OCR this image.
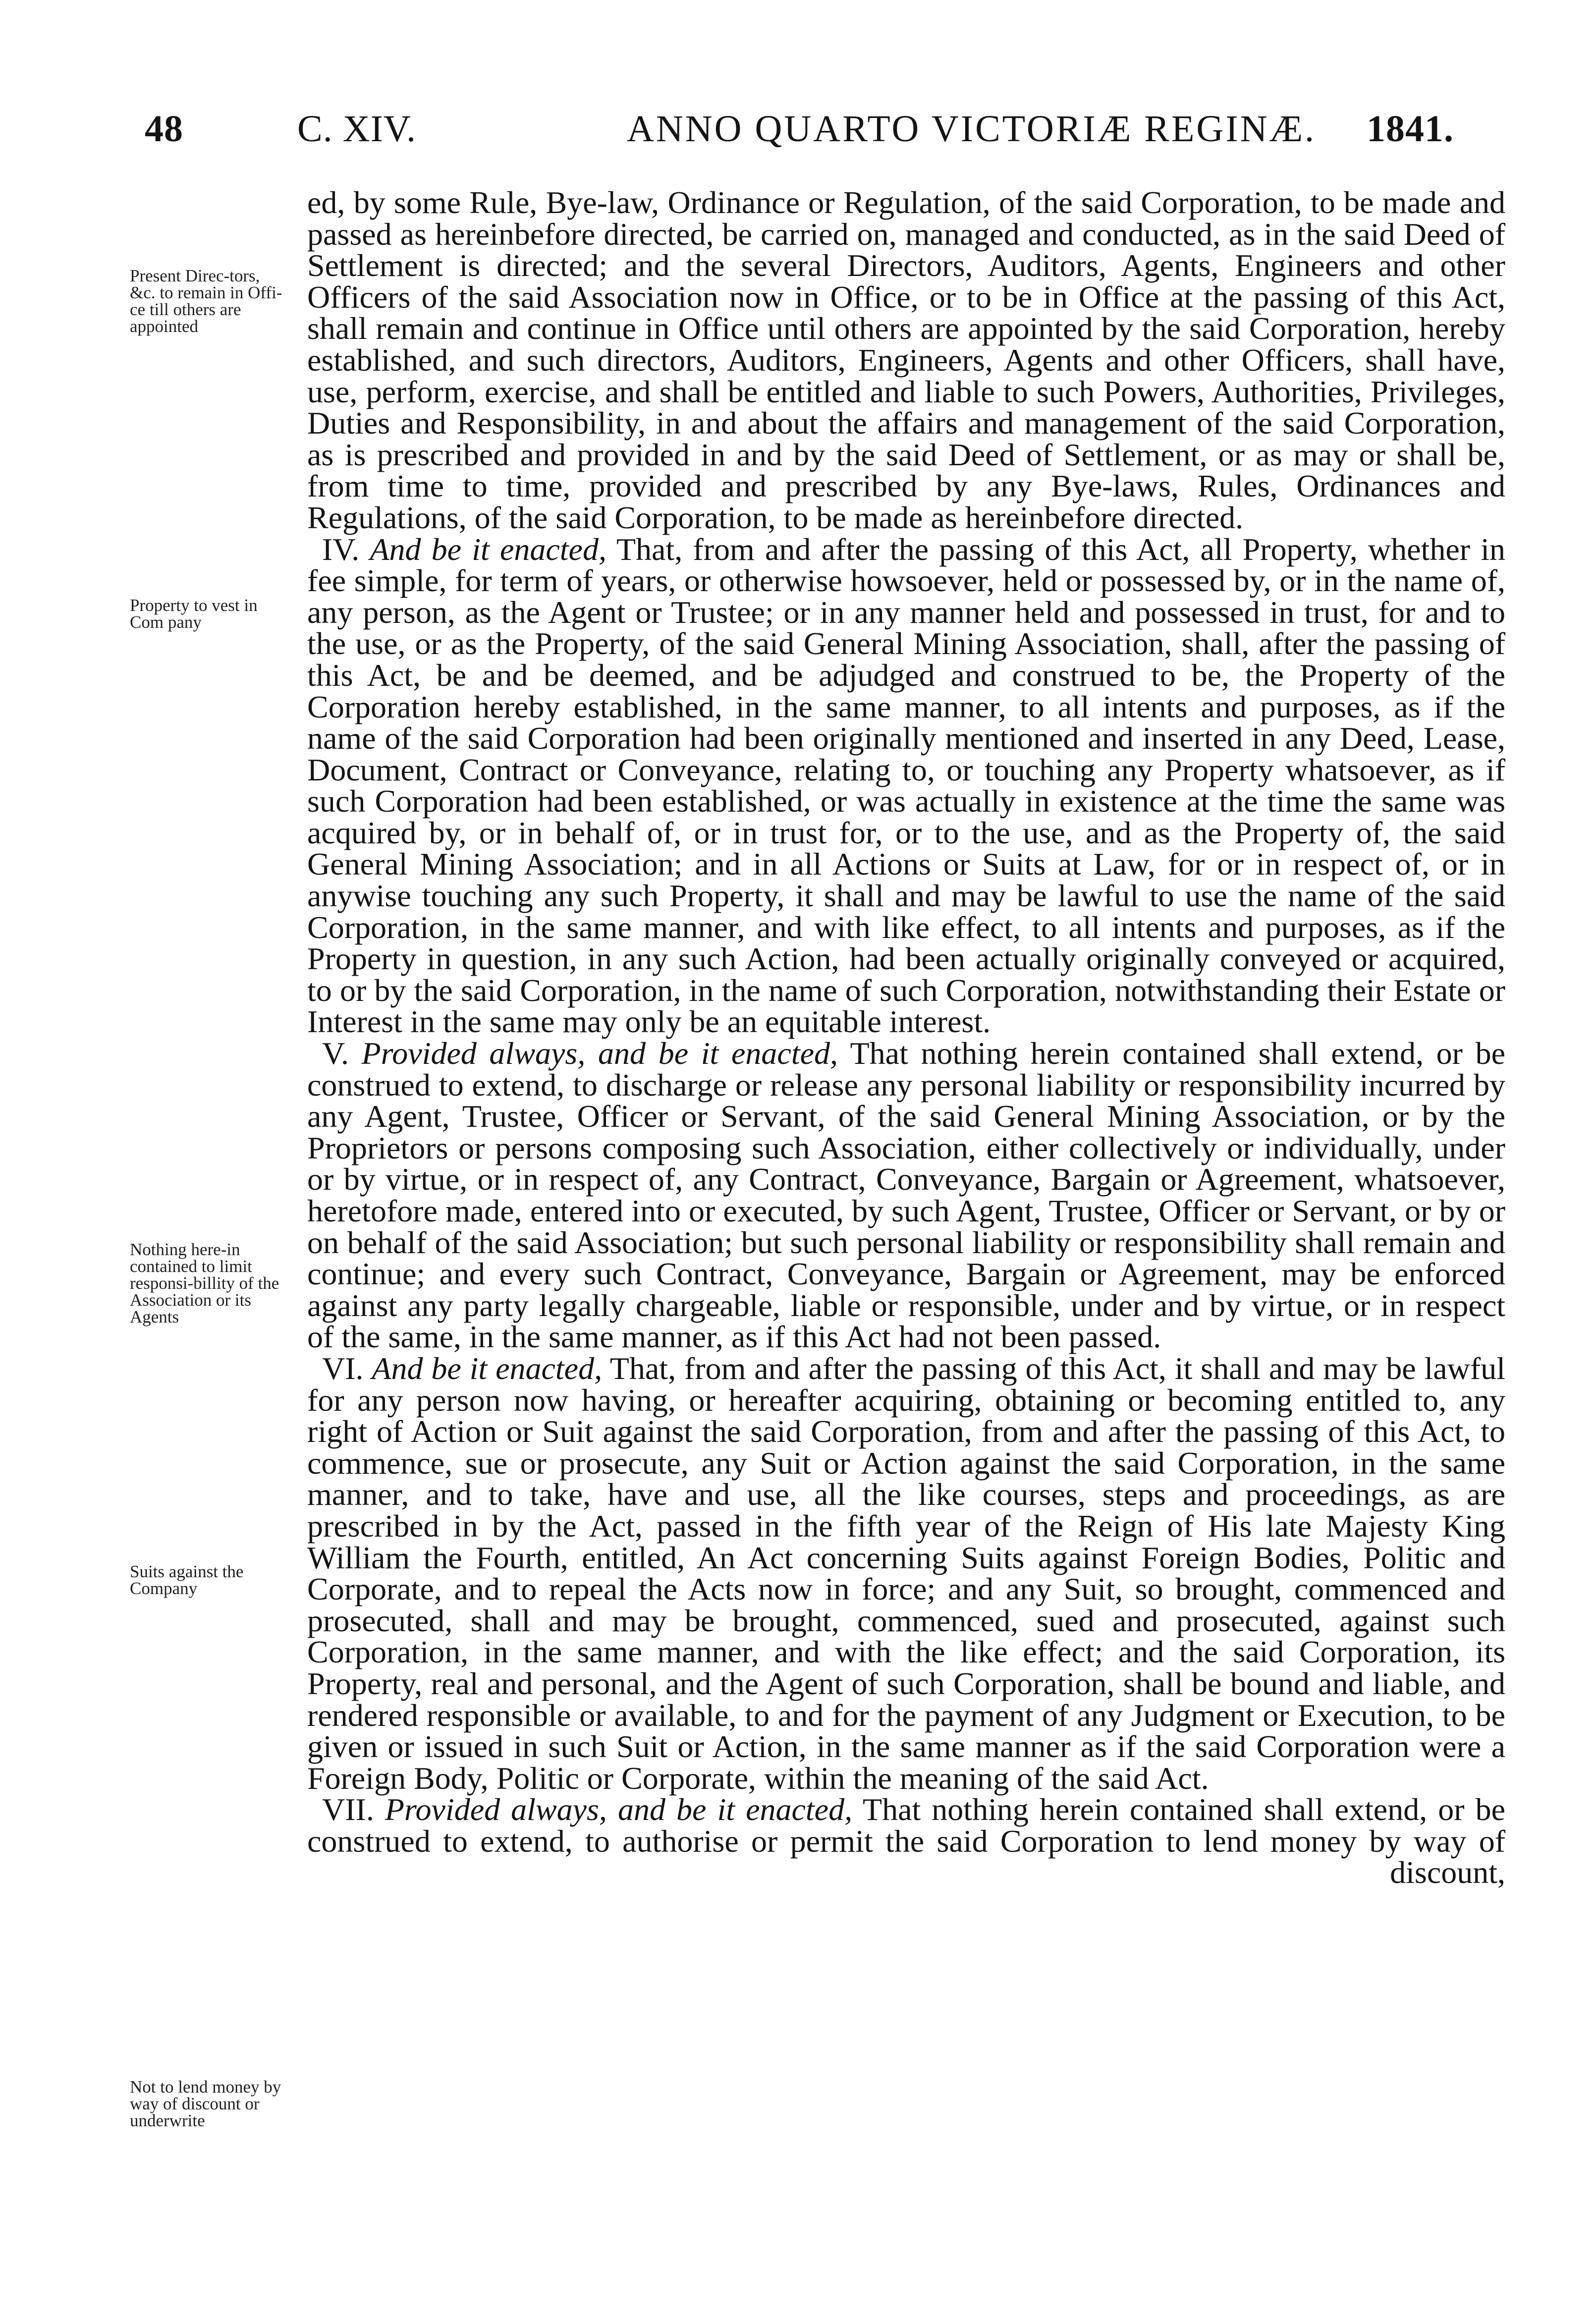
48	C. XIV.	ANNO QUARTO VICTORIÆ REGINÆ. 1841.
Present Direc-tors, &c. to remain in Offi-ce till others are appointed
Property to vest in Com pany
Nothing here-in contained to limit responsi-billity of the Association or its Agents
Suits against the Company
Not to lend money by way of discount or underwrite

ed, by some Rule, Bye-law, Ordinance or Regulation, of the said Corporation, to be made and passed as hereinbefore directed, be carried on, managed and conducted, as in the said Deed of Settlement is directed; and the several Directors, Auditors, Agents, Engineers and other Officers of the said Association now in Office, or to be in Office at the passing of this Act, shall remain and continue in Office until others are appointed by the said Corporation, hereby established, and such directors, Auditors, Engineers, Agents and other Officers, shall have, use, perform, exercise, and shall be entitled and liable to such Powers, Authorities, Privileges, Duties and Responsibility, in and about the affairs and management of the said Corporation, as is prescribed and provided in and by the said Deed of Settlement, or as may or shall be, from time to time, provided and prescribed by any Bye-laws, Rules, Ordinances and Regulations, of the said Corporation, to be made as hereinbefore directed.

IV. And be it enacted, That, from and after the passing of this Act, all Property, whether in fee simple, for term of years, or otherwise howsoever, held or possessed by, or in the name of, any person, as the Agent or Trustee; or in any manner held and possessed in trust, for and to the use, or as the Property, of the said General Mining Association, shall, after the passing of this Act, be and be deemed, and be adjudged and construed to be, the Property of the Corporation hereby established, in the same manner, to all intents and purposes, as if the name of the said Corporation had been originally mentioned and inserted in any Deed, Lease, Document, Contract or Conveyance, relating to, or touching any Property whatsoever, as if such Corporation had been established, or was actually in existence at the time the same was acquired by, or in behalf of, or in trust for, or to the use, and as the Property of, the said General Mining Association; and in all Actions or Suits at Law, for or in respect of, or in anywise touching any such Property, it shall and may be lawful to use the name of the said Corporation, in the same manner, and with like effect, to all intents and purposes, as if the Property in question, in any such Action, had been actually originally conveyed or acquired, to or by the said Corporation, in the name of such Corporation, notwithstanding their Estate or Interest in the same may only be an equitable interest.

V. Provided always, and be it enacted, That nothing herein contained shall extend, or be construed to extend, to discharge or release any personal liability or responsibility incurred by any Agent, Trustee, Officer or Servant, of the said General Mining Association, or by the Proprietors or persons composing such Association, either collectively or individually, under or by virtue, or in respect of, any Contract, Conveyance, Bargain or Agreement, whatsoever, heretofore made, entered into or executed, by such Agent, Trustee, Officer or Servant, or by or on behalf of the said Association; but such personal liability or responsibility shall remain and continue; and every such Contract, Conveyance, Bargain or Agreement, may be enforced against any party legally chargeable, liable or responsible, under and by virtue, or in respect of the same, in the same manner, as if this Act had not been passed.

VI. And be it enacted, That, from and after the passing of this Act, it shall and may be lawful for any person now having, or hereafter acquiring, obtaining or becoming entitled to, any right of Action or Suit against the said Corporation, from and after the passing of this Act, to commence, sue or prosecute, any Suit or Action against the said Corporation, in the same manner, and to take, have and use, all the like courses, steps and proceedings, as are prescribed in by the Act, passed in the fifth year of the Reign of His late Majesty King William the Fourth, entitled, An Act concerning Suits against Foreign Bodies, Politic and Corporate, and to repeal the Acts now in force; and any Suit, so brought, commenced and prosecuted, shall and may be brought, commenced, sued and prosecuted, against such Corporation, in the same manner, and with the like effect; and the said Corporation, its Property, real and personal, and the Agent of such Corporation, shall be bound and liable, and rendered responsible or available, to and for the payment of any Judgment or Execution, to be given or issued in such Suit or Action, in the same manner as if the said Corporation were a Foreign Body, Politic or Corporate, within the meaning of the said Act.

VII. Provided always, and be it enacted, That nothing herein contained shall extend, or be construed to extend, to authorise or permit the said Corporation to lend money by way of discount,
